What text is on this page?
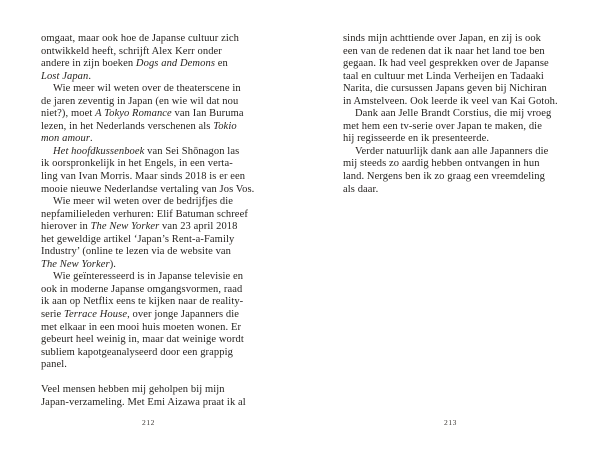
omgaat, maar ook hoe de Japanse cultuur zich
ontwikkeld heeft, schrijft Alex Kerr onder
andere in zijn boeken Dogs and Demons en
Lost Japan.
Wie meer wil weten over de theaterscene in
de jaren zeventig in Japan (en wie wil dat nou
niet?), moet A Tokyo Romance van Ian Buruma
lezen, in het Nederlands verschenen als Tokio
mon amour.
Het hoofdkussenboek van Sei Shōnagon las
ik oorspronkelijk in het Engels, in een verta-
ling van Ivan Morris. Maar sinds 2018 is er een
mooie nieuwe Nederlandse vertaling van Jos Vos.
Wie meer wil weten over de bedrijfjes die
nepfamilieleden verhuren: Elif Batuman schreef
hierover in The New Yorker van 23 april 2018
het geweldige artikel ‘Japan’s Rent-a-Family
Industry’ (online te lezen via de website van
The New Yorker).
Wie geïnteresseerd is in Japanse televisie en
ook in moderne Japanse omgangsvormen, raad
ik aan op Netflix eens te kijken naar de reality-
serie Terrace House, over jonge Japanners die
met elkaar in een mooi huis moeten wonen. Er
gebeurt heel weinig in, maar dat weinige wordt
subliem kapotgeanalyseerd door een grappig
panel.
Veel mensen hebben mij geholpen bij mijn
Japan-verzameling. Met Emi Aizawa praat ik al
212
sinds mijn achttiende over Japan, en zij is ook
een van de redenen dat ik naar het land toe ben
gegaan. Ik had veel gesprekken over de Japanse
taal en cultuur met Linda Verheijen en Tadaaki
Narita, die cursussen Japans geven bij Nichiran
in Amstelveen. Ook leerde ik veel van Kai Gotoh.
Dank aan Jelle Brandt Corstius, die mij vroeg
met hem een tv-serie over Japan te maken, die
hij regisseerde en ik presenteerde.
Verder natuurlijk dank aan alle Japanners die
mij steeds zo aardig hebben ontvangen in hun
land. Nergens ben ik zo graag een vreemdeling
als daar.
213
